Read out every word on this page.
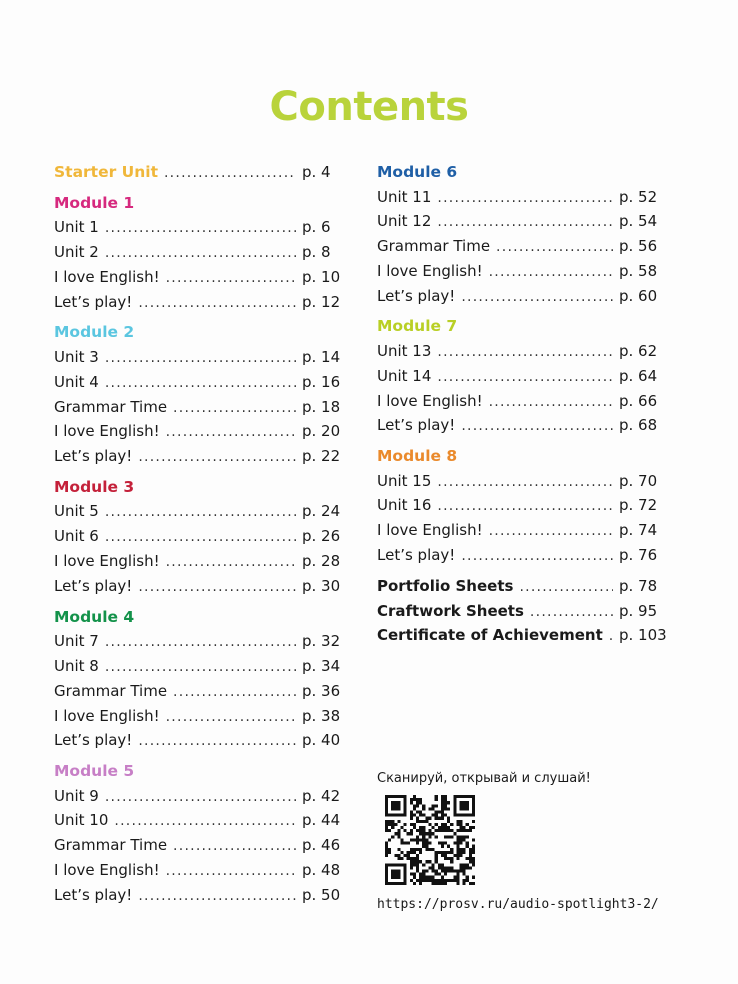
Contents
Starter Unit . . .	p. 4
Module 1
Unit 1 . . .	p. 6
Unit 2 . . .	p. 8
I love English! . . .	p. 10
Let’s play! . . .	p. 12
Module 2
Unit 3 . . .	p. 14
Unit 4 . . .	p. 16
Grammar Time . . .	p. 18
I love English! . . .	p. 20
Let’s play! . . .	p. 22
Module 3
Unit 5 . . .	p. 24
Unit 6 . . .	p. 26
I love English! . . .	p. 28
Let’s play! . . .	p. 30
Module 4
Unit 7 . . .	p. 32
Unit 8 . . .	p. 34
Grammar Time . . .	p. 36
I love English! . . .	p. 38
Let’s play! . . .	p. 40
Module 5
Unit 9 . . .	p. 42
Unit 10 . . .	p. 44
Grammar Time . . .	p. 46
I love English! . . .	p. 48
Let’s play! . . .	p. 50
Module 6
Unit 11 . . .	p. 52
Unit 12 . . .	p. 54
Grammar Time . . .	p. 56
I love English! . . .	p. 58
Let’s play! . . .	p. 60
Module 7
Unit 13 . . .	p. 62
Unit 14 . . .	p. 64
I love English! . . .	p. 66
Let’s play! . . .	p. 68
Module 8
Unit 15 . . .	p. 70
Unit 16 . . .	p. 72
I love English! . . .	p. 74
Let’s play! . . .	p. 76
Portfolio Sheets . . .	p. 78
Craftwork Sheets . . .	p. 95
Certificate of Achievement . . . p. 103
Сканируй, открывай и слушай!
https://prosv.ru/audio-spotlight3-2/
